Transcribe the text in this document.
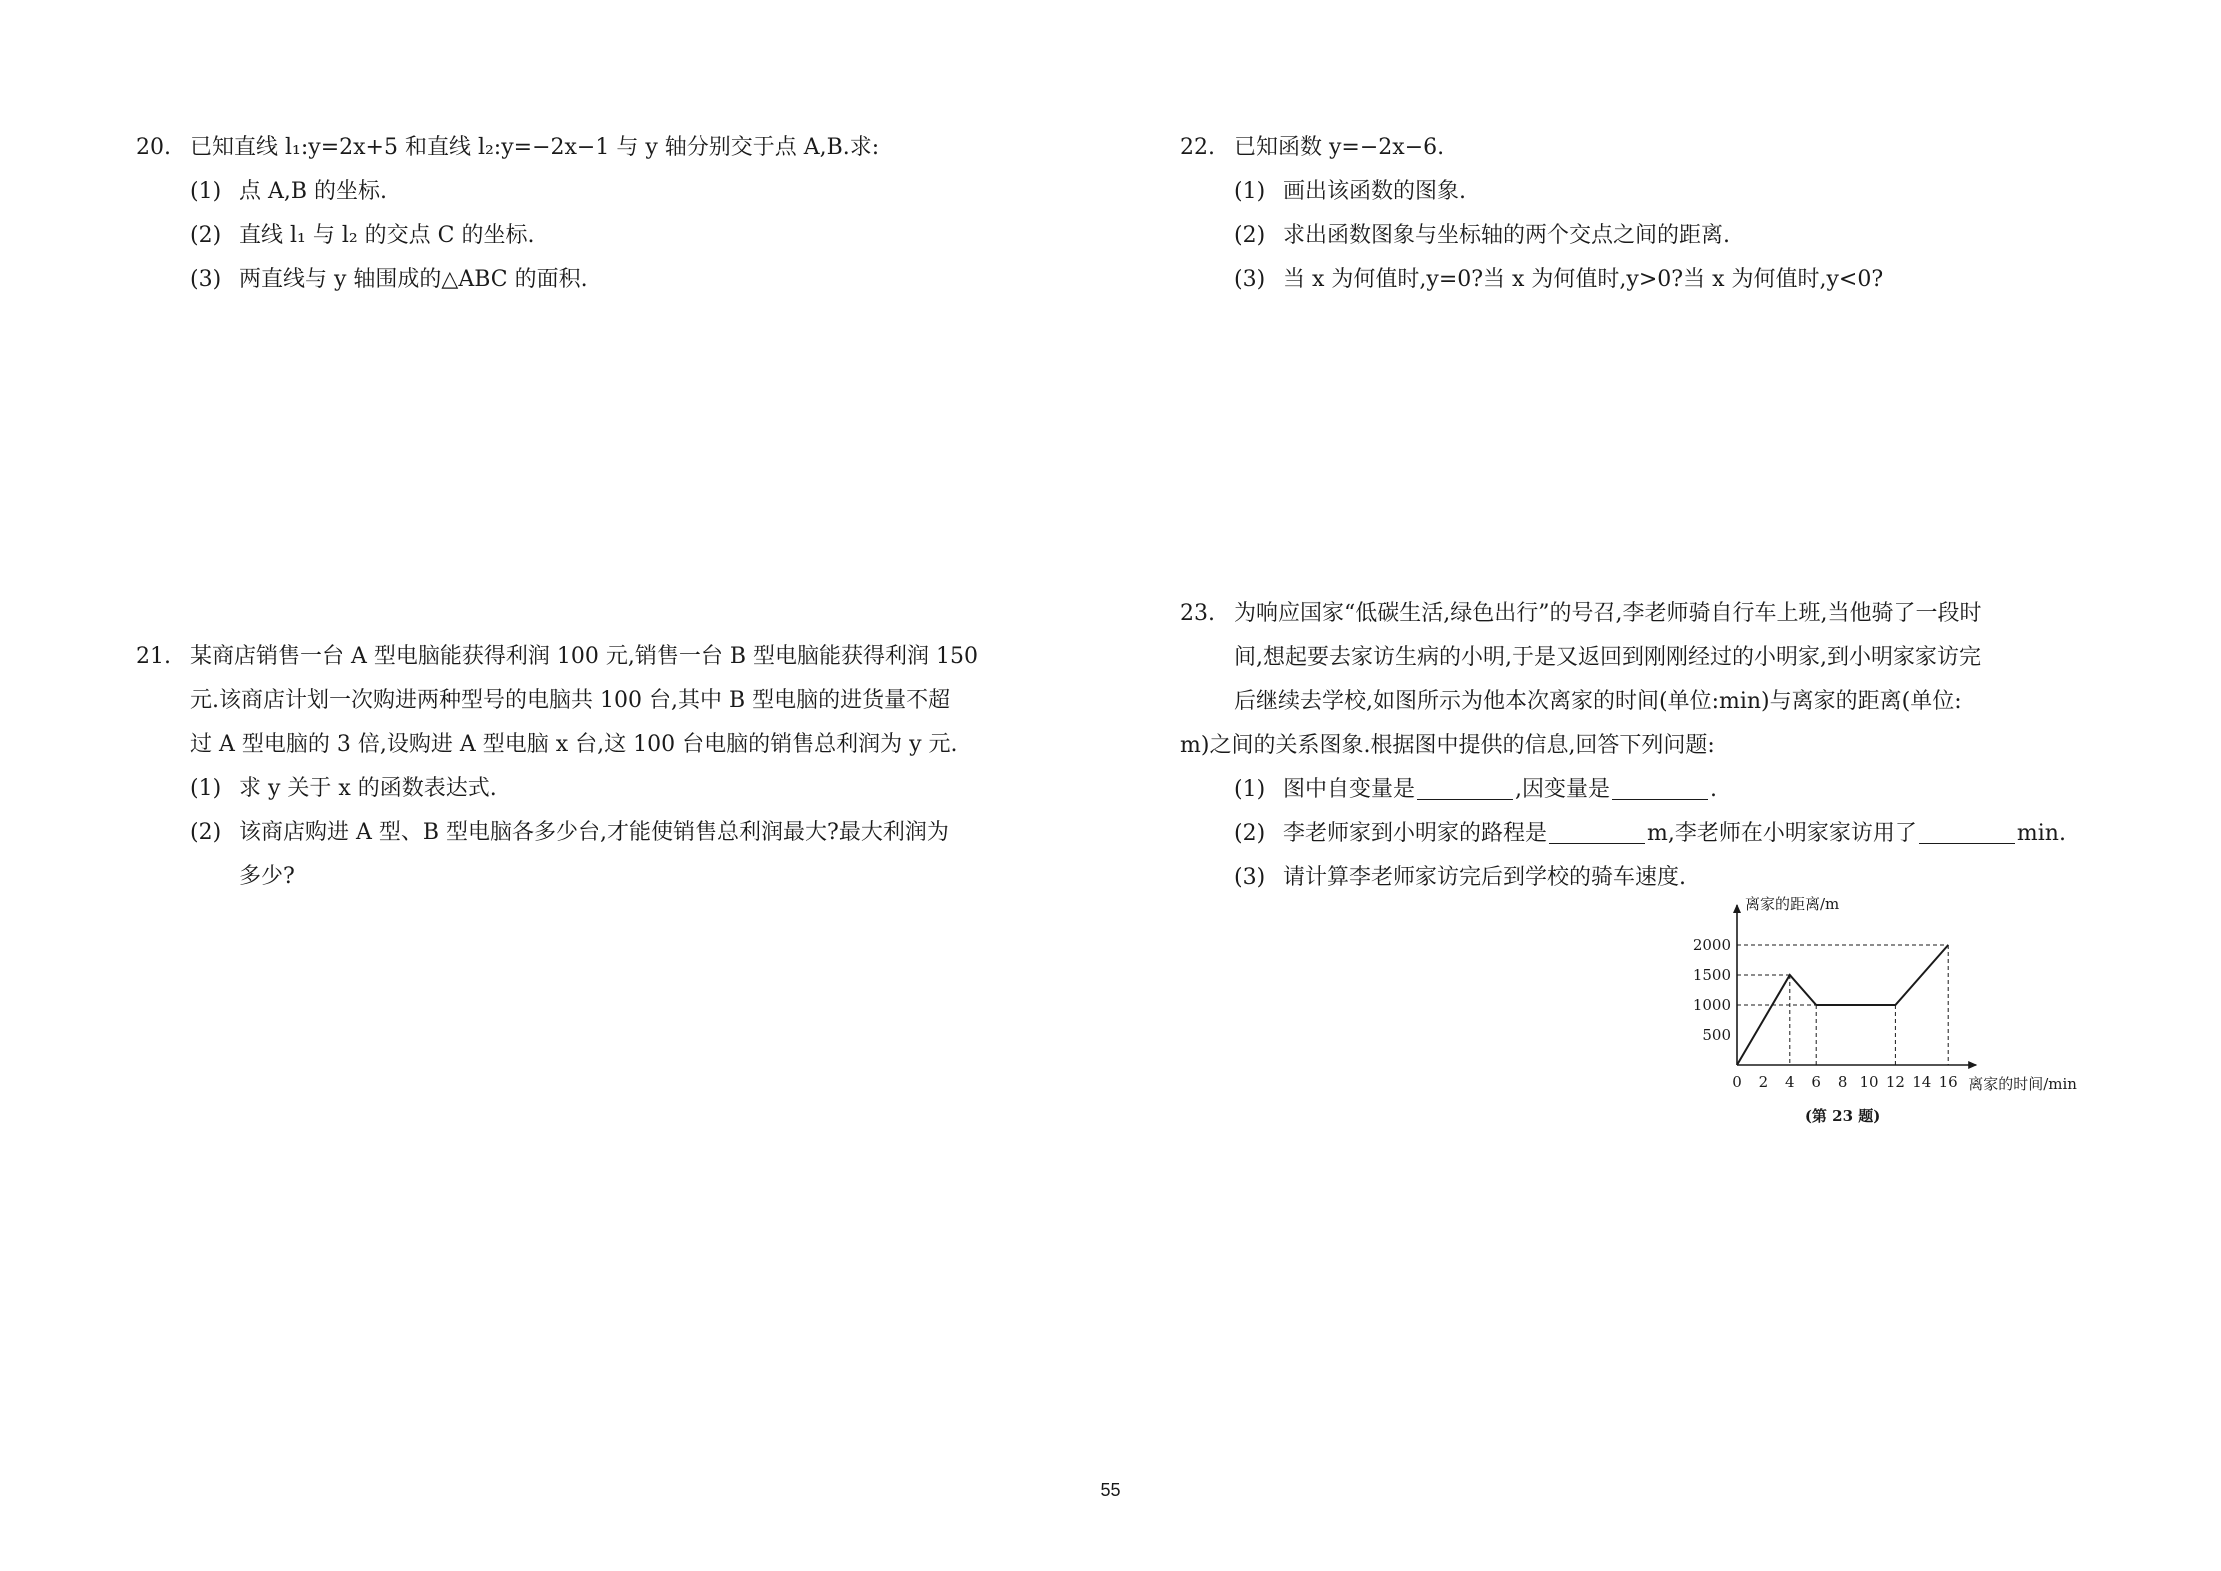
20. 已知直线 l₁:y=2x+5 和直线 l₂:y=−2x−1 与 y 轴分别交于点 A,B.求:
(1) 点 A,B 的坐标.
(2) 直线 l₁ 与 l₂ 的交点 C 的坐标.
(3) 两直线与 y 轴围成的△ABC 的面积.
21. 某商店销售一台 A 型电脑能获得利润 100 元,销售一台 B 型电脑能获得利润 150
元.该商店计划一次购进两种型号的电脑共 100 台,其中 B 型电脑的进货量不超
过 A 型电脑的 3 倍,设购进 A 型电脑 x 台,这 100 台电脑的销售总利润为 y 元.
(1) 求 y 关于 x 的函数表达式.
(2) 该商店购进 A 型、B 型电脑各多少台,才能使销售总利润最大?最大利润为
多少?
22. 已知函数 y=−2x−6.
(1) 画出该函数的图象.
(2) 求出函数图象与坐标轴的两个交点之间的距离.
(3) 当 x 为何值时,y=0?当 x 为何值时,y>0?当 x 为何值时,y<0?
23. 为响应国家“低碳生活,绿色出行”的号召,李老师骑自行车上班,当他骑了一段时
间,想起要去家访生病的小明,于是又返回到刚刚经过的小明家,到小明家家访完
后继续去学校,如图所示为他本次离家的时间(单位:min)与离家的距离(单位:
m)之间的关系图象.根据图中提供的信息,回答下列问题:
(1) 图中自变量是	,因变量是	.
(2) 李老师家到小明家的路程是	m,李老师在小明家家访用了	min.
(3) 请计算李老师家访完后到学校的骑车速度.
0 2 4 6 8 10 12 14 16
500
1000
1500
2000
离家的距离/m
离家的时间/min
(第 23 题)
55
